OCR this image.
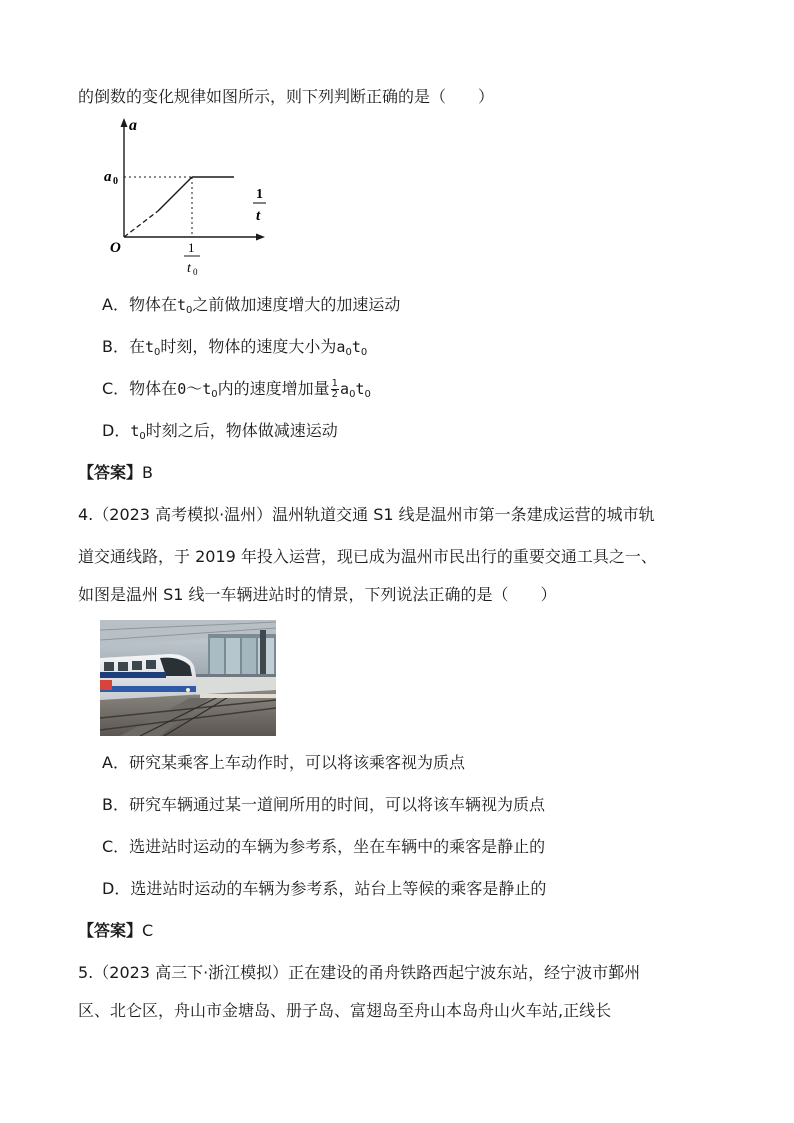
的倒数的变化规律如图所示，则下列判断正确的是（　　）
a
a 0
O
1
t
1
t 0
A．物体在t0之前做加速度增大的加速运动
B．在t0时刻，物体的速度大小为a0t0
C．物体在0～t0内的速度增加量 $\frac{1}{2} a0t0$
D．t0时刻之后，物体做减速运动
【答案】B
4.（2023 高考模拟·温州）温州轨道交通 S1 线是温州市第一条建成运营的城市轨
道交通线路，于 2019 年投入运营，现已成为温州市民出行的重要交通工具之一、
如图是温州 S1 线一车辆进站时的情景，下列说法正确的是（　　）
A．研究某乘客上车动作时，可以将该乘客视为质点
B．研究车辆通过某一道闸所用的时间，可以将该车辆视为质点
C．选进站时运动的车辆为参考系，坐在车辆中的乘客是静止的
D．选进站时运动的车辆为参考系，站台上等候的乘客是静止的
【答案】C
5.（2023 高三下·浙江模拟）正在建设的甬舟铁路西起宁波东站，经宁波市鄞州
区、北仑区，舟山市金塘岛、册子岛、富翅岛至舟山本岛舟山火车站,正线长
